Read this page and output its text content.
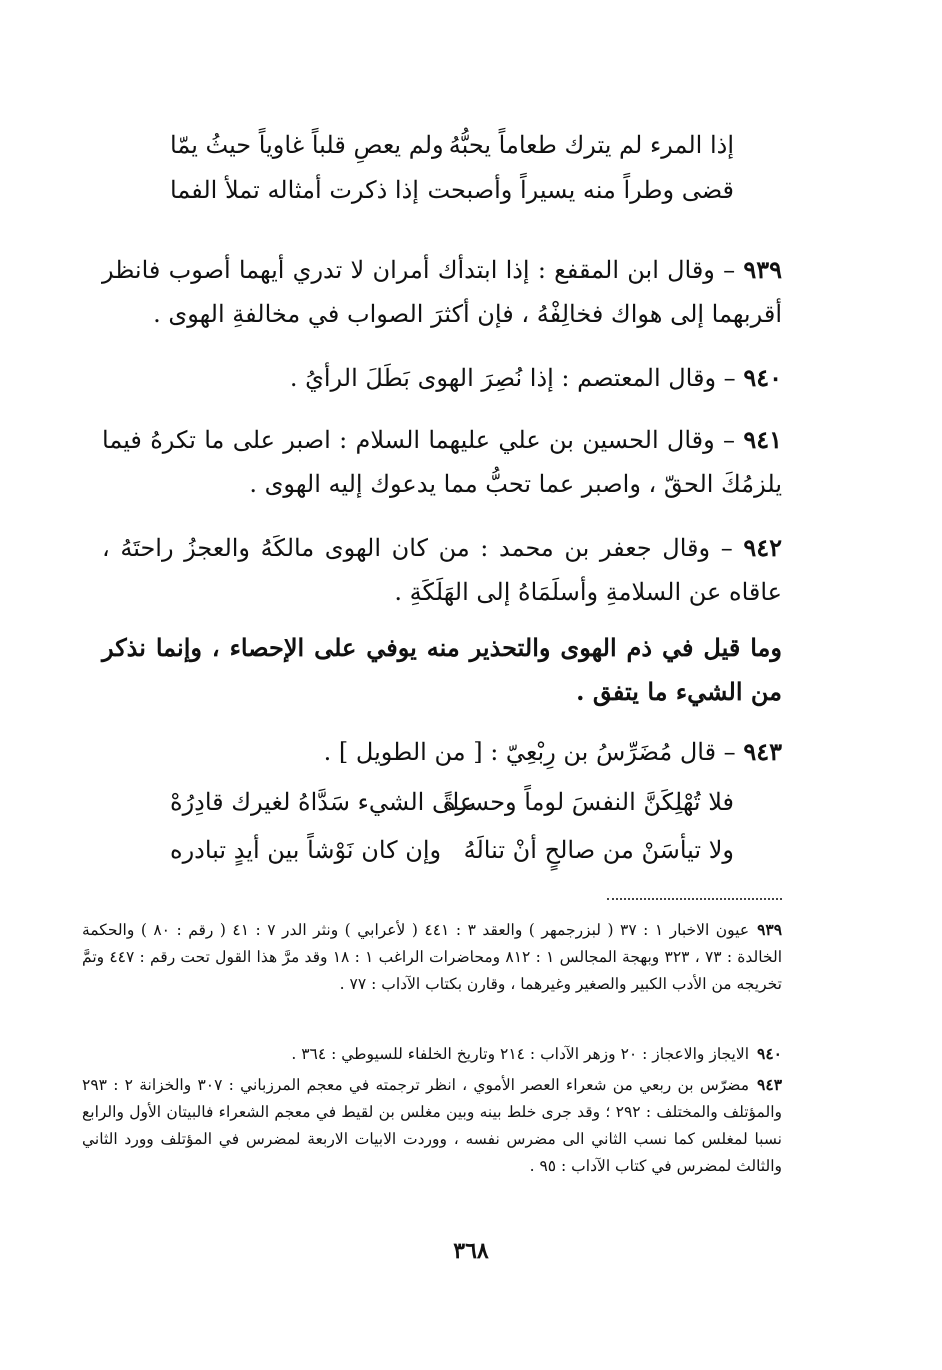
إذا المرء لم يترك طعاماً يحبُّهُ
ولم يعصِ قلباً غاوياً حيثُ يمّا
قضى وطراً منه يسيراً وأصبحت
إذا ذكرت أمثاله تملأ الفما
٩٣٩ – وقال ابن المقفع : إذا ابتدأك أمران لا تدري أيهما أصوب فانظر أقربهما إلى هواك فخالِفْهُ ، فإن أكثرَ الصواب في مخالفةِ الهوى .
٩٤٠ – وقال المعتصم : إذا نُصِرَ الهوى بَطَلَ الرأيُ .
٩٤١ – وقال الحسين بن علي عليهما السلام : اصبر على ما تكرهُ فيما يلزمُكَ الحقّ ، واصبر عما تحبُّ مما يدعوك إليه الهوى .
٩٤٢ – وقال جعفر بن محمد : من كان الهوى مالكَهُ والعجزُ راحتَهُ ، عاقاه عن السلامةِ وأسلَمَاهُ إلى الهَلَكَةِ .
وما قيل في ذم الهوى والتحذير منه يوفي على الإحصاء ، وإنما نذكر من الشيء ما يتفق .
٩٤٣ – قال مُضَرِّسُ بن رِبْعِيّ : [ من الطويل ] .
فلا تُهْلِكَنَّ النفسَ لوماً وحسرةً
على الشيء سَدَّاهُ لغيرك قادِرُهْ
ولا تيأسَنْ من صالحٍ أنْ تنالَهُ
وإن كان نَوْشاً بين أيدٍ تبادره
٩٣٩عيون الاخبار ١ : ٣٧ ( لبزرجمهر ) والعقد ٣ : ٤٤١ ( لأعرابي ) ونثر الدر ٧ : ٤١ ( رقم : ٨٠ ) والحكمة الخالدة : ٧٣ ، ٣٢٣ وبهجة المجالس ١ : ٨١٢ ومحاضرات الراغب ١ : ١٨ وقد مرَّ هذا القول تحت رقم : ٤٤٧ وتمَّ تخريجه من الأدب الكبير والصغير وغيرهما ، وقارن بكتاب الآداب : ٧٧ .
٩٤٠الايجاز والاعجاز : ٢٠ وزهر الآداب : ٢١٤ وتاريخ الخلفاء للسيوطي : ٣٦٤ .
٩٤٣مضرّس بن ربعي من شعراء العصر الأموي ، انظر ترجمته في معجم المرزباني : ٣٠٧ والخزانة ٢ : ٢٩٣ والمؤتلف والمختلف : ٢٩٢ ؛ وقد جرى خلط بينه وبين مغلس بن لقيط في معجم الشعراء فالبيتان الأول والرابع نسبا لمغلس كما نسب الثاني الى مضرس نفسه ، ووردت الابيات الاربعة لمضرس في المؤتلف وورد الثاني والثالث لمضرس في كتاب الآداب : ٩٥ .
٣٦٨
